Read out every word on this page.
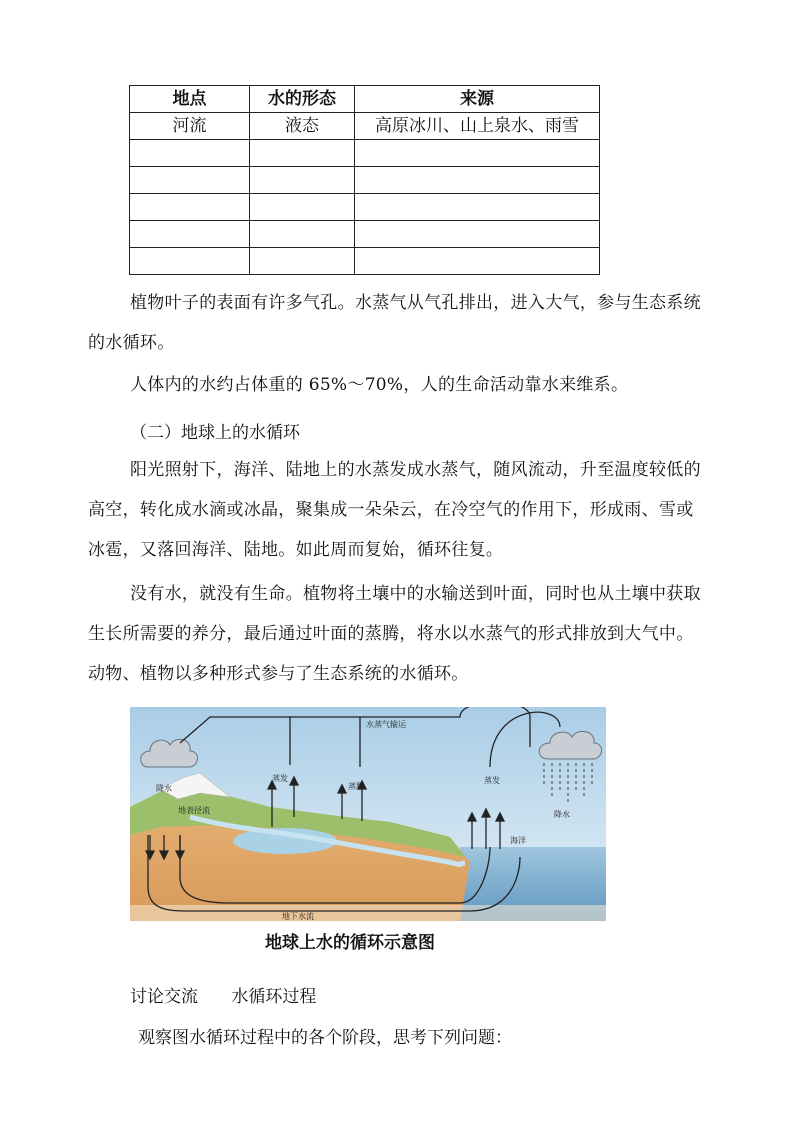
地点	水的形态	来源
河流	液态	高原冰川、山上泉水、雨雪

植物叶子的表面有许多气孔。水蒸气从气孔排出，进入大气，参与生态系统的水循环。

人体内的水约占体重的 65%～70%，人的生命活动靠水来维系。

（二）地球上的水循环

阳光照射下，海洋、陆地上的水蒸发成水蒸气，随风流动，升至温度较低的高空，转化成水滴或冰晶，聚集成一朵朵云，在冷空气的作用下，形成雨、雪或冰雹，又落回海洋、陆地。如此周而复始，循环往复。

没有水，就没有生命。植物将土壤中的水输送到叶面，同时也从土壤中获取生长所需要的养分，最后通过叶面的蒸腾，将水以水蒸气的形式排放到大气中。动物、植物以多种形式参与了生态系统的水循环。

水蒸气输运
降水
地表径流
蒸发
蒸腾
蒸发
降水
海洋
地下水流
地球上水的循环示意图
讨论交流 水循环过程
观察图水循环过程中的各个阶段，思考下列问题：
